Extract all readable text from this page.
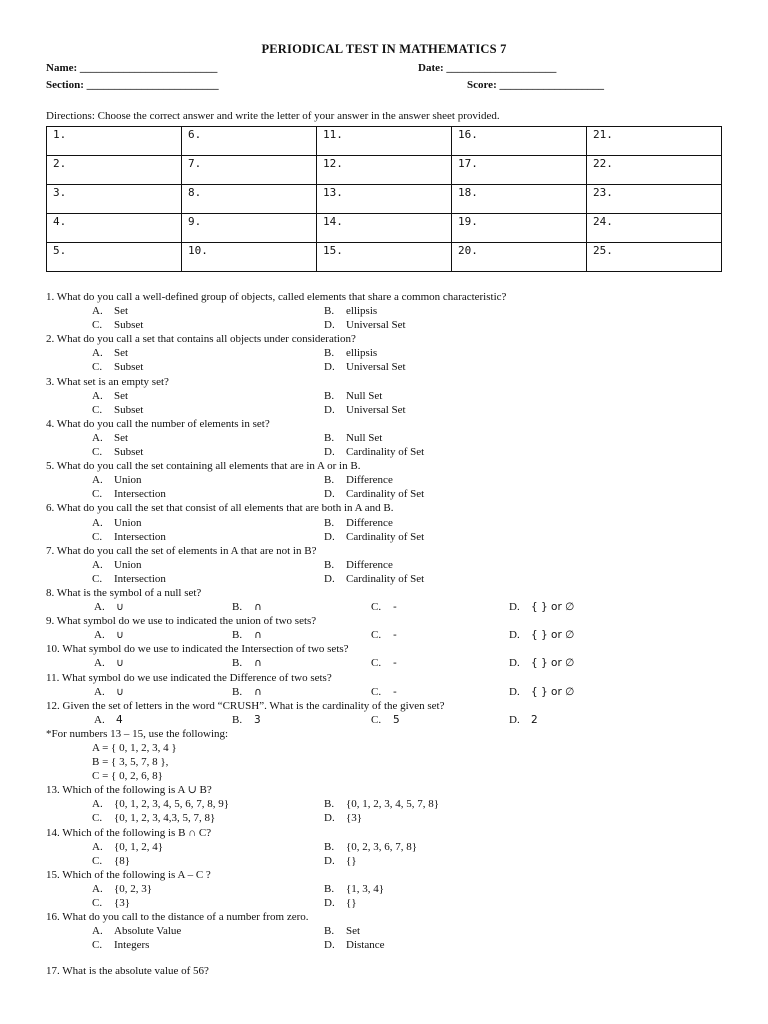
PERIODICAL TEST IN MATHEMATICS 7
Name: _________________________	Date: ____________________
Section: ________________________	Score: ___________________
Directions: Choose the correct answer and write the letter of your answer in the answer sheet provided.
1.	6.	11.	16.	21.
2.	7.	12.	17.	22.
3.	8.	13.	18.	23.
4.	9.	14.	19.	24.
5.	10.	15.	20.	25.
1. What do you call a well-defined group of objects, called elements that share a common characteristic?
A. Set	B. ellipsis
C. Subset	D. Universal Set
2. What do you call a set that contains all objects under consideration?
A. Set	B. ellipsis
C. Subset	D. Universal Set
3. What set is an empty set?
A. Set	B. Null Set
C. Subset	D. Universal Set
4. What do you call the number of elements in set?
A. Set	B. Null Set
C. Subset	D. Cardinality of Set
5. What do you call the set containing all elements that are in A or in B.
A. Union	B. Difference
C. Intersection	D. Cardinality of Set
6. What do you call the set that consist of all elements that are both in A and B.
A. Union	B. Difference
C. Intersection	D. Cardinality of Set
7. What do you call the set of elements in A that are not in B?
A. Union	B. Difference
C. Intersection	D. Cardinality of Set
8. What is the symbol of a null set?
A. ∪	B. ∩	C. -	D. { } or ∅
9. What symbol do we use to indicated the union of two sets?
A. ∪	B. ∩	C. -	D. { } or ∅
10. What symbol do we use to indicated the Intersection of two sets?
A. ∪	B. ∩	C. -	D. { } or ∅
11. What symbol do we use indicated the Difference of two sets?
A. ∪	B. ∩	C. -	D. { } or ∅
12. Given the set of letters in the word “CRUSH”. What is the cardinality of the given set?
A. 4	B. 3	C. 5	D. 2
*For numbers 13 – 15, use the following:
A = { 0, 1, 2, 3, 4 }
B = { 3, 5, 7, 8 },
C = { 0, 2, 6, 8}
13. Which of the following is A ∪ B?
A. {0, 1, 2, 3, 4, 5, 6, 7, 8, 9}	B. {0, 1, 2, 3, 4, 5, 7, 8}
C. {0, 1, 2, 3, 4,3, 5, 7, 8}	D. {3}
14. Which of the following is B ∩ C?
A. {0, 1, 2, 4}	B. {0, 2, 3, 6, 7, 8}
C. {8}	D. {}
15. Which of the following is A – C ?
A. {0, 2, 3}	B. {1, 3, 4}
C. {3}	D. {}
16. What do you call to the distance of a number from zero.
A. Absolute Value	B. Set
C. Integers	D. Distance
17. What is the absolute value of 56?
